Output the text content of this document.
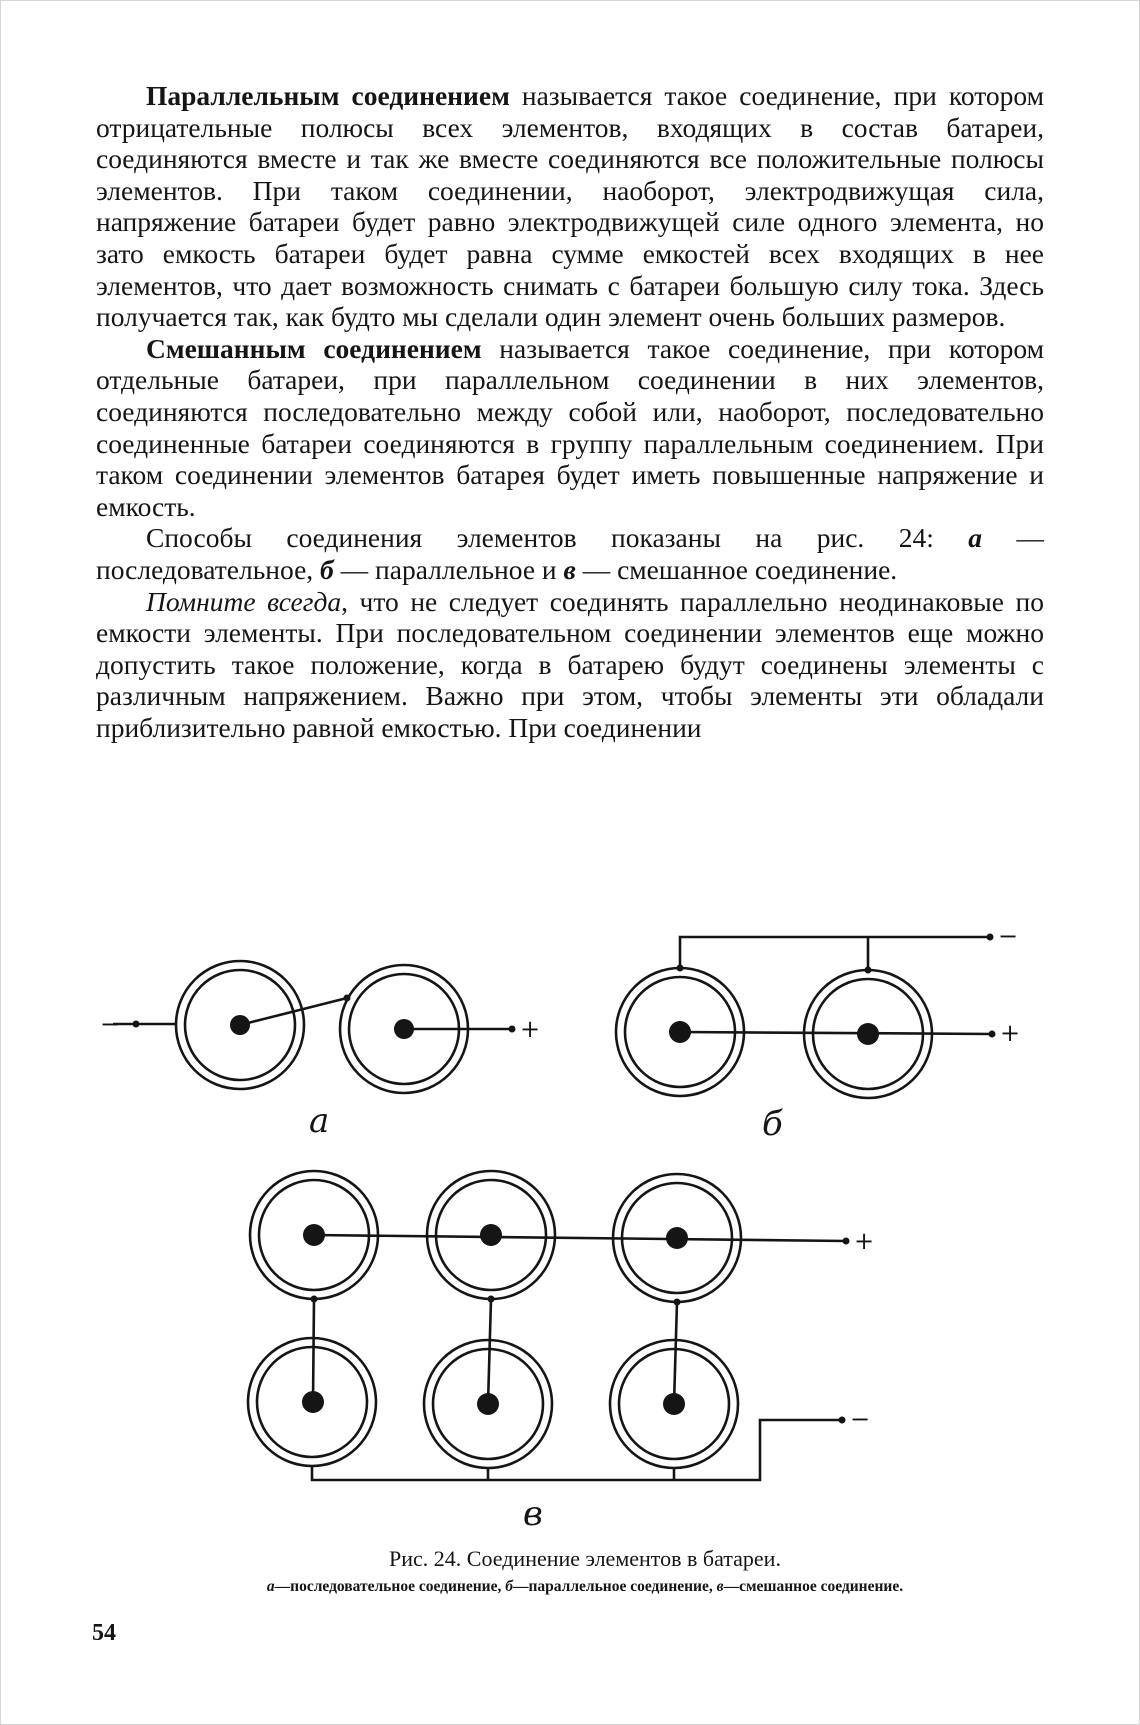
Параллельным соединением называется такое соединение, при котором отрицательные полюсы всех элементов, входящих в состав батареи, соединяются вместе и так же вместе соединяются все положительные полюсы элементов. При таком соединении, наоборот, электродвижущая сила, напряжение батареи будет равно электродвижущей силе одного элемента, но зато емкость батареи будет равна сумме емкостей всех входящих в нее элементов, что дает возможность снимать с батареи большую силу тока. Здесь получается так, как будто мы сделали один элемент очень больших размеров.

Смешанным соединением называется такое соединение, при котором отдельные батареи, при параллельном соединении в них элементов, соединяются последовательно между собой или, наоборот, последовательно соединенные батареи соединяются в группу параллельным соединением. При таком соединении элементов батарея будет иметь повышенные напряжение и емкость.

Способы соединения элементов показаны на рис. 24: а — последовательное, б — параллельное и в — смешанное соединение.

Помните всегда, что не следует соединять параллельно неодинаковые по емкости элементы. При последовательном соединении элементов еще можно допустить такое положение, когда в батарею будут соединены элементы с различным напряжением. Важно при этом, чтобы элементы эти обладали приблизительно равной емкостью. При соединении

−	+
−
+
+
−
а	б
в
Рис. 24. Соединение элементов в батареи.
а—последовательное соединение, б—параллельное соединение, в—смешанное соединение.
54
